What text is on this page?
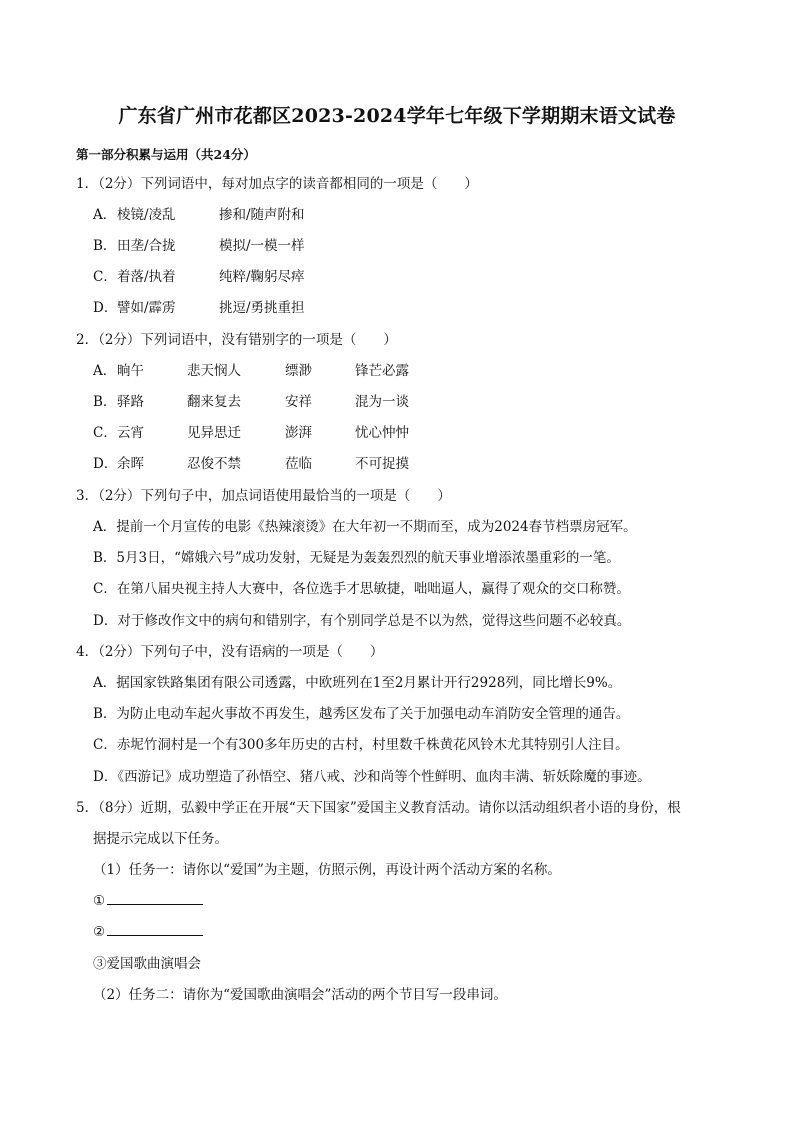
广东省广州市花都区2023-2024学年七年级下学期期末语文试卷
第一部分积累与运用（共24分）
1．（2分）下列词语中，每对加点字的读音都相同的一项是（　　）
A． 棱镜/凌乱	掺和/随声附和
B． 田垄/合拢	模拟/一模一样
C． 着落/执着	纯粹/鞠躬尽瘁
D． 譬如/霹雳	挑逗/勇挑重担
2．（2分）下列词语中，没有错别字的一项是（　　）
A． 晌午	悲天悯人	缥渺	锋芒必露
B． 驿路	翻来复去	安祥	混为一谈
C． 云宵	见异思迁	澎湃	忧心忡忡
D． 余晖	忍俊不禁	莅临	不可捉摸
3．（2分）下列句子中，加点词语使用最恰当的一项是（　　）
A．提前一个月宣传的电影《热辣滚烫》在大年初一不期而至，成为2024春节档票房冠军。
B．5月3日，“嫦娥六号”成功发射，无疑是为轰轰烈烈的航天事业增添浓墨重彩的一笔。
C．在第八届央视主持人大赛中，各位选手才思敏捷，咄咄逼人，赢得了观众的交口称赞。
D．对于修改作文中的病句和错别字，有个别同学总是不以为然，觉得这些问题不必较真。
4．（2分）下列句子中，没有语病的一项是（　　）
A．据国家铁路集团有限公司透露，中欧班列在1至2月累计开行2928列，同比增长9%。
B．为防止电动车起火事故不再发生，越秀区发布了关于加强电动车消防安全管理的通告。
C．赤坭竹洞村是一个有300多年历史的古村，村里数千株黄花风铃木尤其特别引人注目。
D．《西游记》成功塑造了孙悟空、猪八戒、沙和尚等个性鲜明、血肉丰满、斩妖除魔的事迹。
5．（8分）近期，弘毅中学正在开展“天下国家”爱国主义教育活动。请你以活动组织者小语的身份，根
据提示完成以下任务。
（1）任务一：请你以“爱国”为主题，仿照示例，再设计两个活动方案的名称。
①
②
③爱国歌曲演唱会
（2）任务二：请你为“爱国歌曲演唱会”活动的两个节目写一段串词。
